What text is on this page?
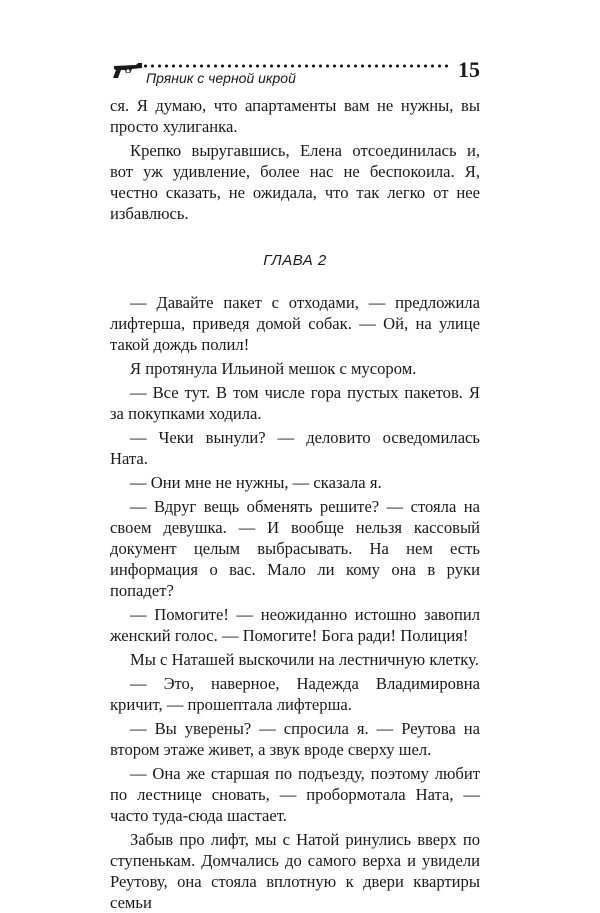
Пряник с черной икрой	15

ся. Я думаю, что апартаменты вам не нужны, вы просто хулиганка.

Крепко выругавшись, Елена отсоединилась и, вот уж удивление, более нас не беспокоила. Я, честно сказать, не ожидала, что так легко от нее избавлюсь.

ГЛАВА 2

— Давайте пакет с отходами, — предложила лифтерша, приведя домой собак. — Ой, на улице такой дождь полил!

Я протянула Ильиной мешок с мусором.

— Все тут. В том числе гора пустых пакетов. Я за покупками ходила.

— Чеки вынули? — деловито осведомилась Ната.

— Они мне не нужны, — сказала я.

— Вдруг вещь обменять решите? — стояла на своем девушка. — И вообще нельзя кассовый документ целым выбрасывать. На нем есть информация о вас. Мало ли кому она в руки попадет?

— Помогите! — неожиданно истошно завопил женский голос. — Помогите! Бога ради! Полиция!

Мы с Наташей выскочили на лестничную клетку.

— Это, наверное, Надежда Владимировна кричит, — прошептала лифтерша.

— Вы уверены? — спросила я. — Реутова на втором этаже живет, а звук вроде сверху шел.

— Она же старшая по подъезду, поэтому любит по лестнице сновать, — пробормотала Ната, — часто туда-сюда шастает.

Забыв про лифт, мы с Натой ринулись вверх по ступенькам. Домчались до самого верха и увидели Реутову, она стояла вплотную к двери квартиры семьи
